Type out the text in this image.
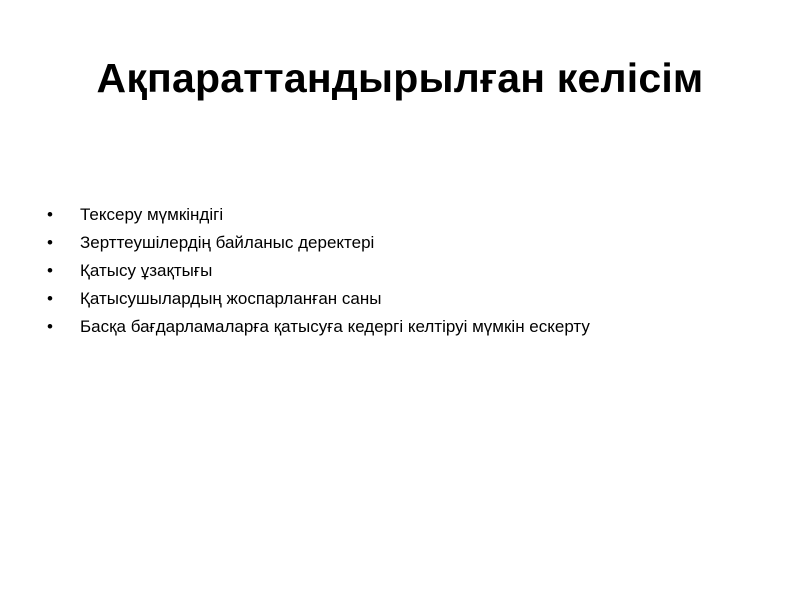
Ақпараттандырылған келісім
• Тексеру мүмкіндігі
• Зерттеушілердің байланыс деректері
• Қатысу ұзақтығы
• Қатысушылардың жоспарланған саны
• Басқа бағдарламаларға қатысуға кедергі келтіруі мүмкін ескерту
